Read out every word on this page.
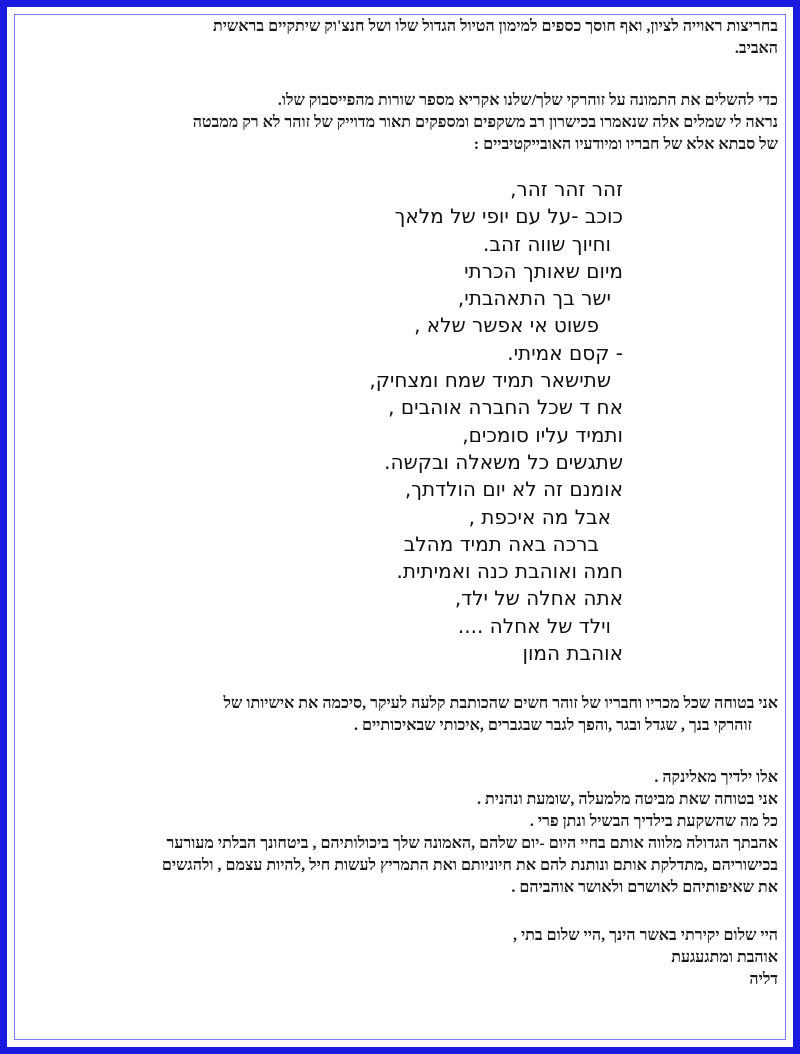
בחריצות ראוייה לציון, ואף חוסך כספים למימון הטיול הגדול שלו ושל חנצ'וק שיתקיים בראשית
האביב.

כדי להשלים את התמונה על זוהרקי שלך/שלנו אקריא מספר שורות מהפייסבוק שלו.
נראה לי שמלים אלה שנאמרו בכישרון רב משקפים ומספקים תאור מדוייק של זוהר לא רק ממבטה
של סבתא אלא של חבריו ומיודעיו האובייקטיביים :

זהר זהר זהר,
כוכב -על עם יופי של מלאך
וחיוך שווה זהב.
מיום שאותך הכרתי
ישר בך התאהבתי,
פשוט אי אפשר שלא ,
- קסם אמיתי.
שתישאר תמיד שמח ומצחיק,
אח ד שכל החברה אוהבים ,
ותמיד עליו סומכים,
שתגשים כל משאלה ובקשה.
אומנם זה לא יום הולדתך,
אבל מה איכפת ,
ברכה באה תמיד מהלב
חמה ואוהבת כנה ואמיתית.
אתה אחלה של ילד,
וילד של אחלה ....
אוהבת המון

אני בטוחה שכל מכריו וחבריו של זוהר חשים שהכותבת קלעה לעיקר ,סיכמה את אישיותו של
זוהרקי בנך , שגדל ובגר ,והפך לגבר שבגברים ,איכותי שבאיכותיים .

אלו ילדיך מאלינקה .
אני בטוחה שאת מביטה מלמעלה ,שומעת ונהנית .
כל מה שהשקעת בילדיך הבשיל ונתן פרי .
אהבתך הגדולה מלווה אותם בחיי היום -יום שלהם ,האמונה שלך ביכולותיהם , ביטחונך הבלתי מעורער
בכישוריהם ,מתדלקת אותם ונותנת להם את חיוניותם ואת התמריץ לעשות חיל ,להיות עצמם , ולהגשים
את שאיפותיהם לאושרם ולאושר אוהביהם .

היי שלום יקירתי באשר הינך ,היי שלום בתי ,
אוהבת ומתגעגעת
דליה
